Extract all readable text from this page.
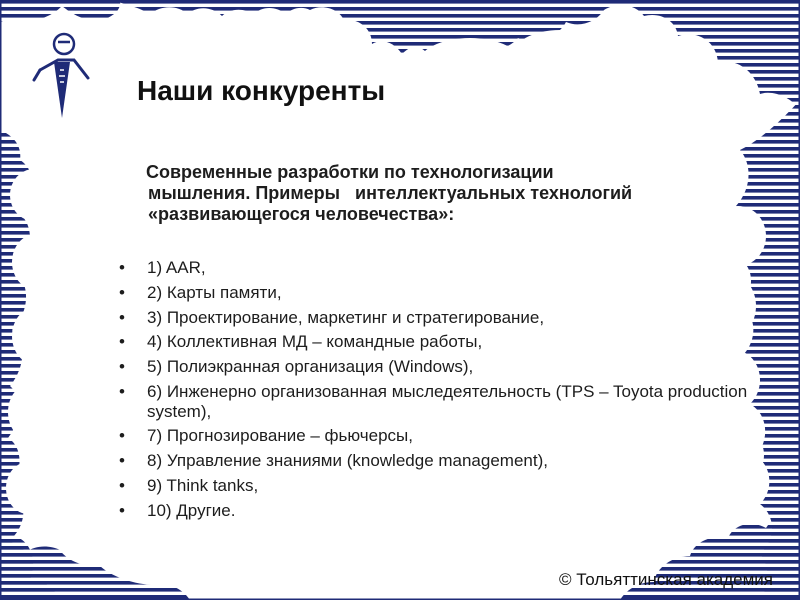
Наши конкуренты

Современные разработки по технологизации
мышления. Примеры   интеллектуальных технологий
«развивающегося человечества»:

• 1) AAR,
• 2) Карты памяти,
• 3) Проектирование, маркетинг и стратегирование,
• 4) Коллективная МД – командные работы,
• 5) Полиэкранная организация (Windows),
• 6) Инженерно организованная мыследеятельность (TPS – Toyota production system),
• 7) Прогнозирование – фьючерсы,
• 8) Управление знаниями (knowledge management),
• 9) Think tanks,
• 10) Другие.
© Тольяттинская академия
